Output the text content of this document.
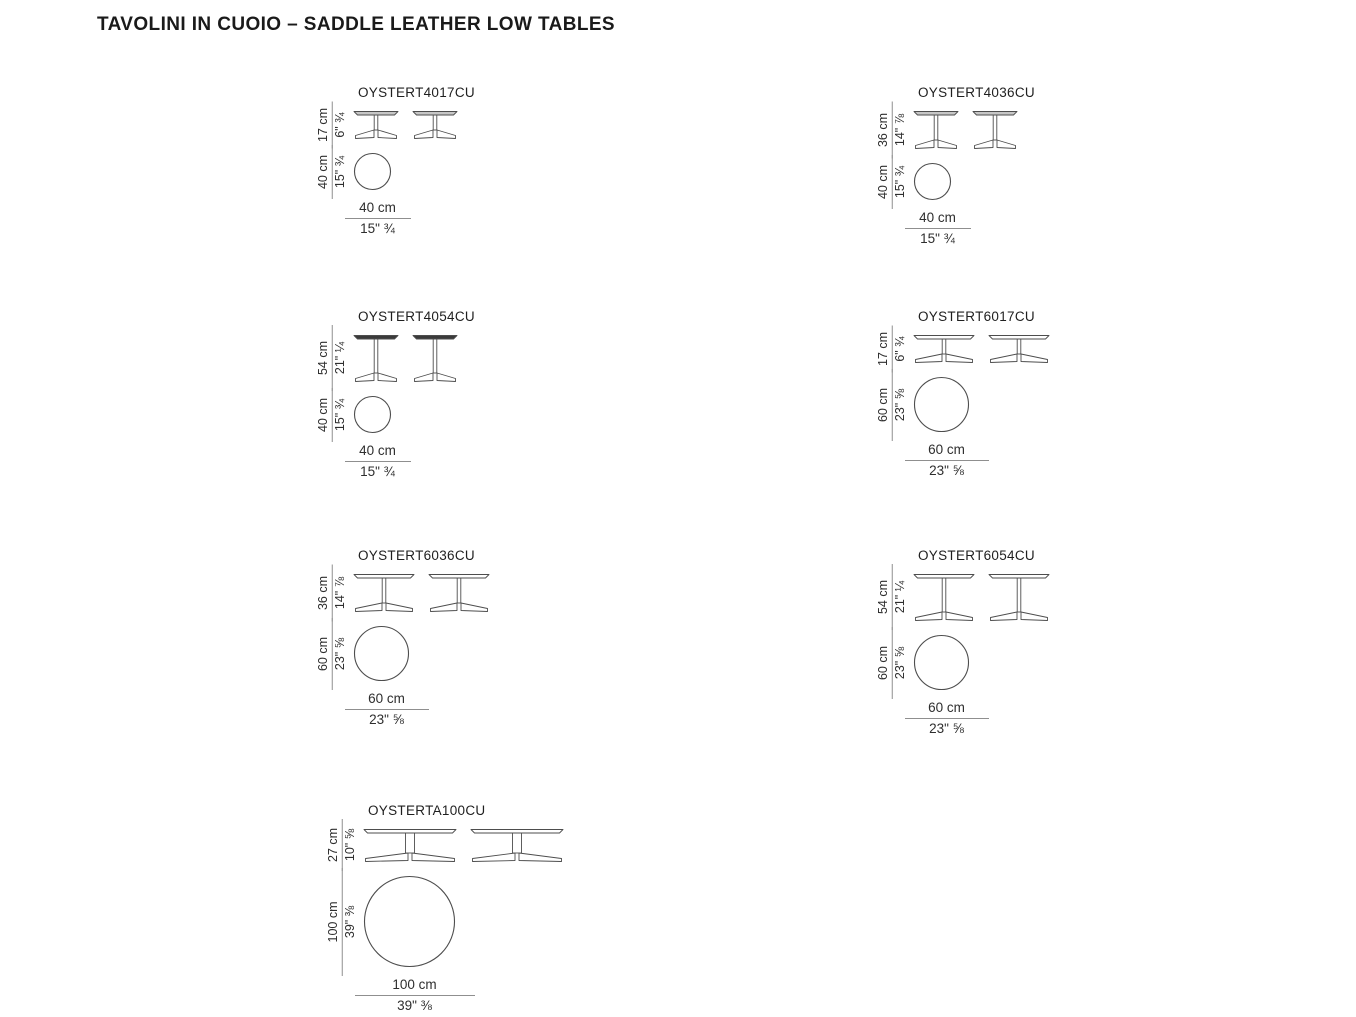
TAVOLINI IN CUOIO – SADDLE LEATHER LOW TABLES
OYSTERT4017CU
17 cm 6" ¾
40 cm 15" ¾
40 cm
15" ¾
OYSTERT4036CU
36 cm 14" ⅞
40 cm 15" ¾
40 cm
15" ¾
OYSTERT4054CU
54 cm 21" ¼
40 cm 15" ¾
40 cm
15" ¾
OYSTERT6017CU
17 cm 6" ¾
60 cm 23" ⅝
60 cm
23" ⅝
OYSTERT6036CU
36 cm 14" ⅞
60 cm 23" ⅝
60 cm
23" ⅝
OYSTERT6054CU
54 cm 21" ¼
60 cm 23" ⅝
60 cm
23" ⅝
OYSTERTA100CU
27 cm 10" ⅝
100 cm 39" ⅜
100 cm
39" ⅜
